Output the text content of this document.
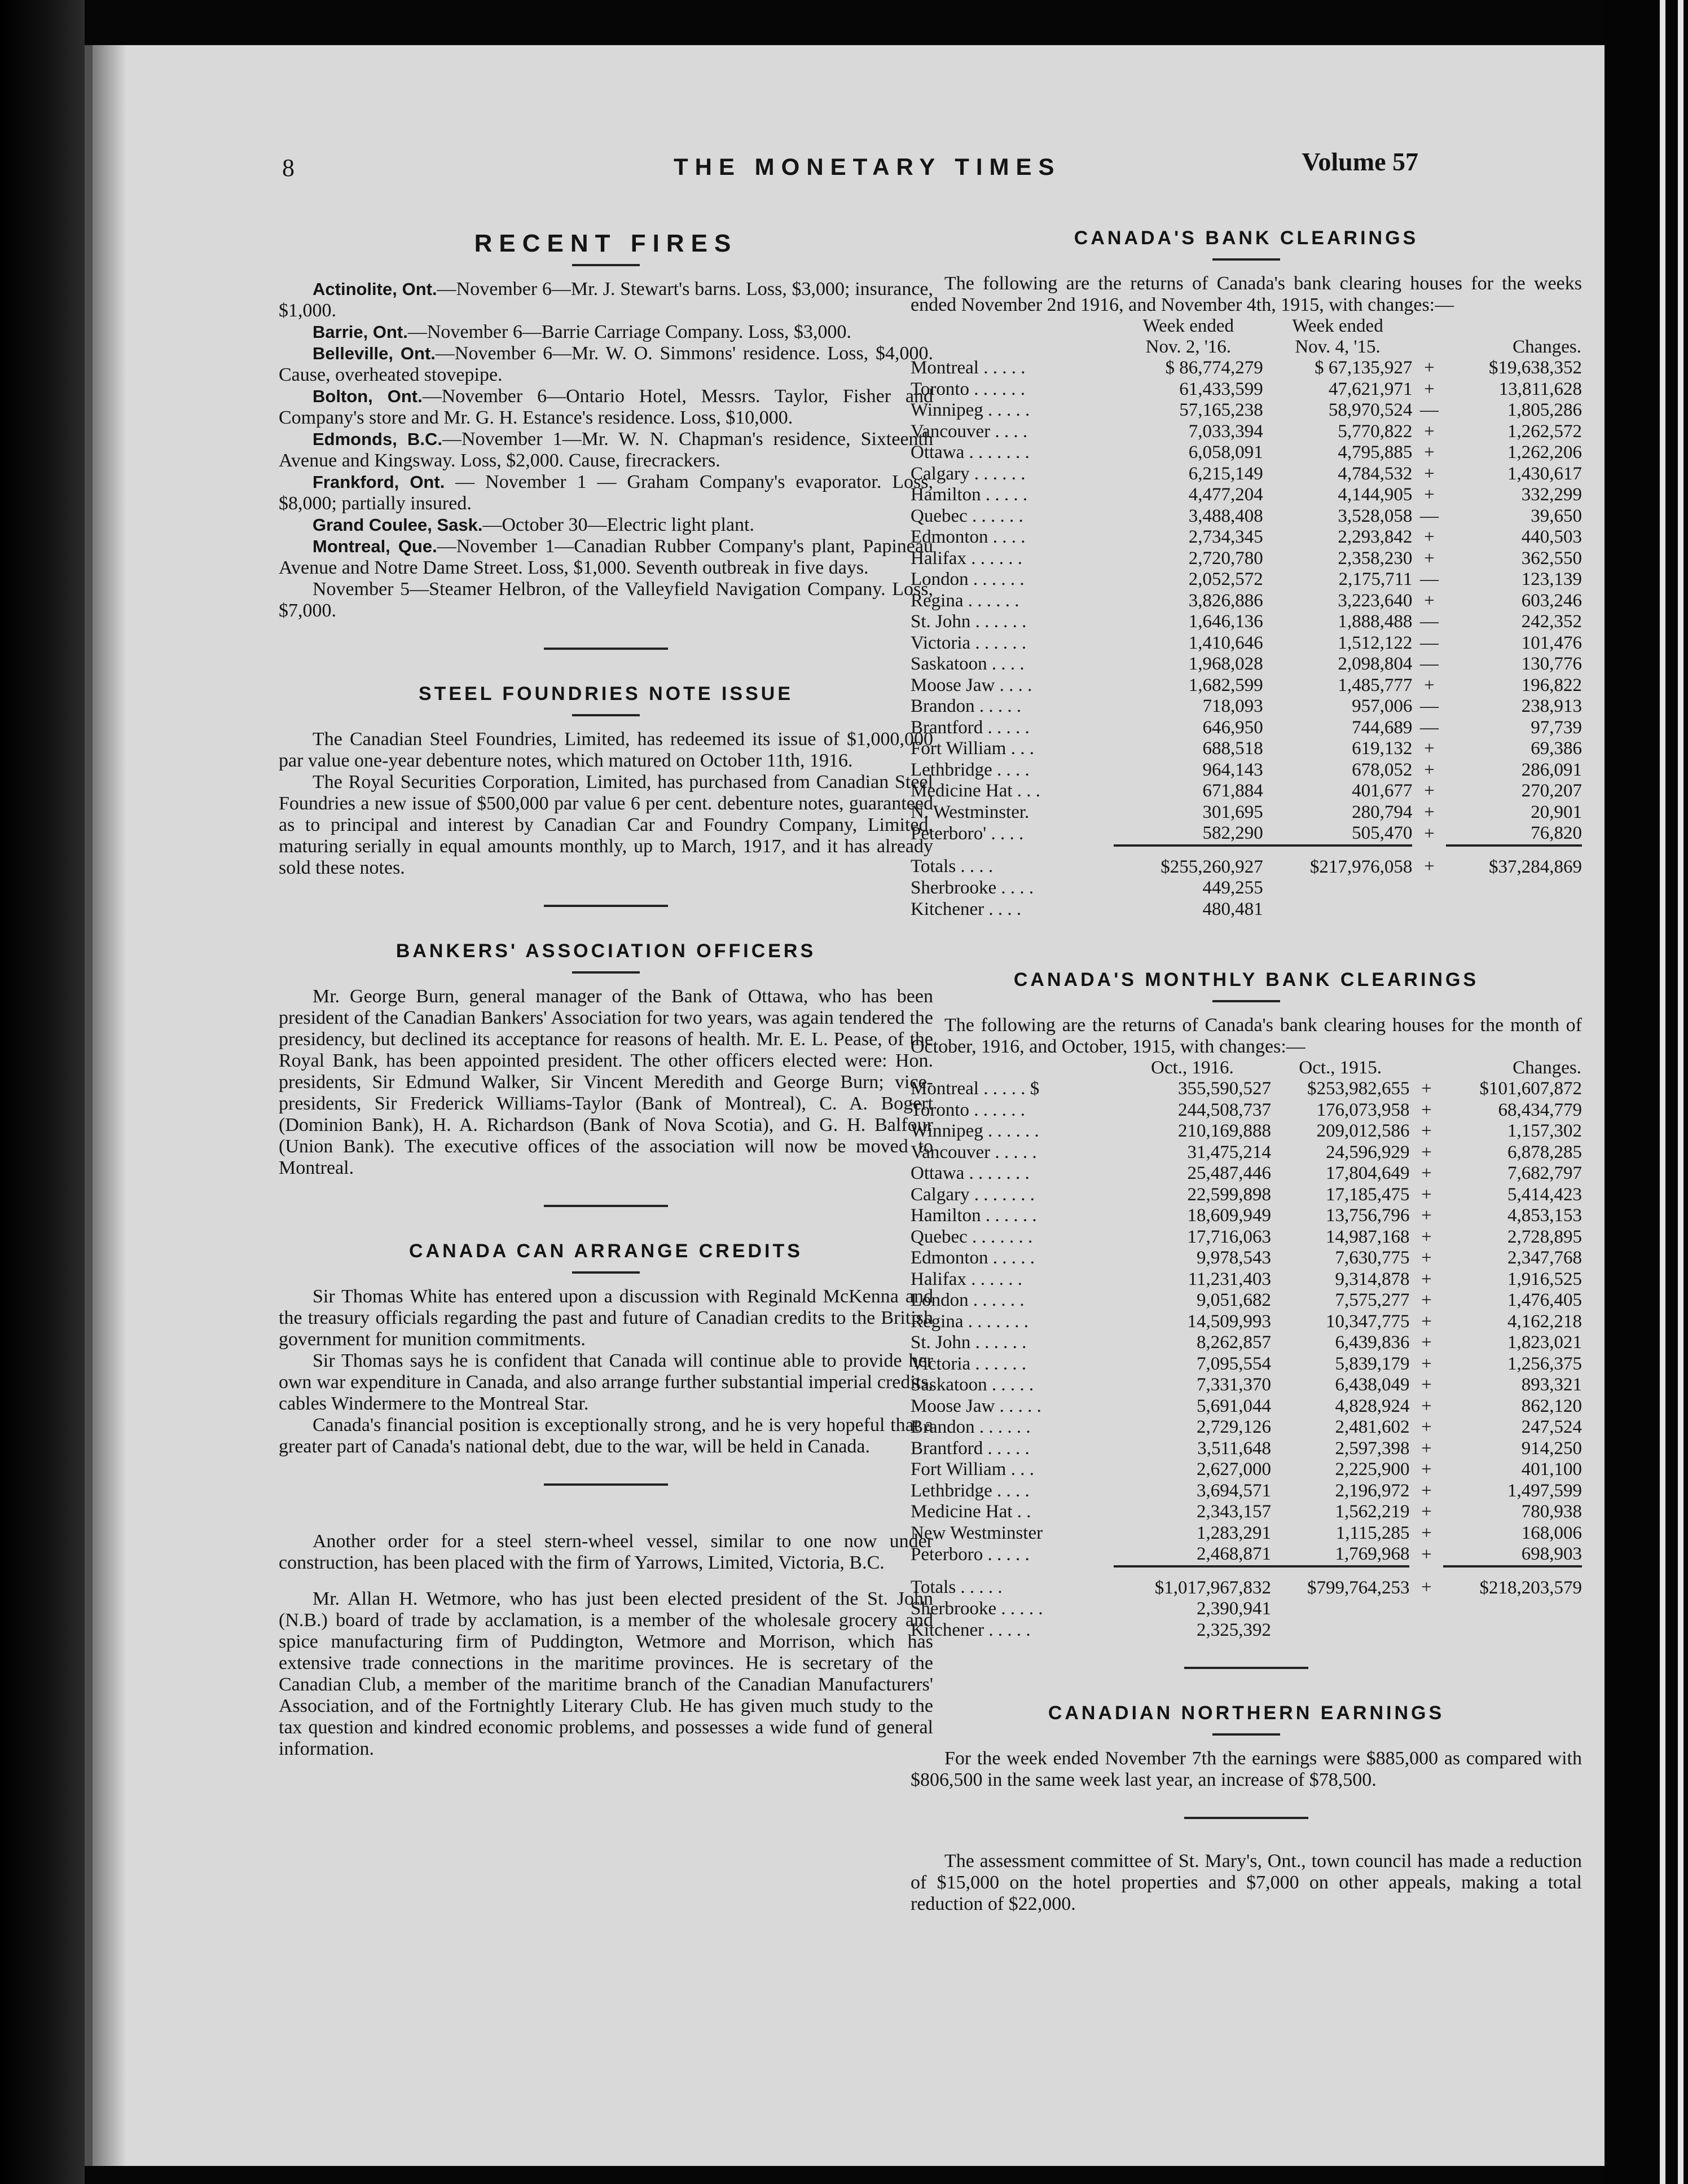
8	THE MONETARY TIMES	Volume 57
RECENT FIRES

Actinolite, Ont.—November 6—Mr. J. Stewart's barns. Loss, $3,000; insurance, $1,000.

Barrie, Ont.—November 6—Barrie Carriage Company. Loss, $3,000.

Belleville, Ont.—November 6—Mr. W. O. Simmons' residence. Loss, $4,000. Cause, overheated stovepipe.

Bolton, Ont.—November 6—Ontario Hotel, Messrs. Taylor, Fisher and Company's store and Mr. G. H. Estance's residence. Loss, $10,000.

Edmonds, B.C.—November 1—Mr. W. N. Chapman's residence, Sixteenth Avenue and Kingsway. Loss, $2,000. Cause, firecrackers.

Frankford, Ont. — November 1 — Graham Company's evaporator. Loss, $8,000; partially insured.

Grand Coulee, Sask.—October 30—Electric light plant.

Montreal, Que.—November 1—Canadian Rubber Company's plant, Papineau Avenue and Notre Dame Street. Loss, $1,000. Seventh outbreak in five days.

November 5—Steamer Helbron, of the Valleyfield Navigation Company. Loss, $7,000.

STEEL FOUNDRIES NOTE ISSUE

The Canadian Steel Foundries, Limited, has redeemed its issue of $1,000,000 par value one-year debenture notes, which matured on October 11th, 1916.

The Royal Securities Corporation, Limited, has purchased from Canadian Steel Foundries a new issue of $500,000 par value 6 per cent. debenture notes, guaranteed as to principal and interest by Canadian Car and Foundry Company, Limited, maturing serially in equal amounts monthly, up to March, 1917, and it has already sold these notes.

BANKERS' ASSOCIATION OFFICERS

Mr. George Burn, general manager of the Bank of Ottawa, who has been president of the Canadian Bankers' Association for two years, was again tendered the presidency, but declined its acceptance for reasons of health. Mr. E. L. Pease, of the Royal Bank, has been appointed president. The other officers elected were: Hon. presidents, Sir Edmund Walker, Sir Vincent Meredith and George Burn; vice-presidents, Sir Frederick Williams-Taylor (Bank of Montreal), C. A. Bogert (Dominion Bank), H. A. Richardson (Bank of Nova Scotia), and G. H. Balfour (Union Bank). The executive offices of the association will now be moved to Montreal.

CANADA CAN ARRANGE CREDITS

Sir Thomas White has entered upon a discussion with Reginald McKenna and the treasury officials regarding the past and future of Canadian credits to the British government for munition commitments.

Sir Thomas says he is confident that Canada will continue able to provide her own war expenditure in Canada, and also arrange further substantial imperial credits, cables Windermere to the Montreal Star.

Canada's financial position is exceptionally strong, and he is very hopeful that a greater part of Canada's national debt, due to the war, will be held in Canada.

Another order for a steel stern-wheel vessel, similar to one now under construction, has been placed with the firm of Yarrows, Limited, Victoria, B.C.

Mr. Allan H. Wetmore, who has just been elected president of the St. John (N.B.) board of trade by acclamation, is a member of the wholesale grocery and spice manufacturing firm of Puddington, Wetmore and Morrison, which has extensive trade connections in the maritime provinces. He is secretary of the Canadian Club, a member of the maritime branch of the Canadian Manufacturers' Association, and of the Fortnightly Literary Club. He has given much study to the tax question and kindred economic problems, and possesses a wide fund of general information.

CANADA'S BANK CLEARINGS

The following are the returns of Canada's bank clearing houses for the weeks ended November 2nd 1916, and November 4th, 1915, with changes:—

	Week ended	Week ended		
	Nov. 2, '16.	Nov. 4, '15.		Changes.
Montreal . . . . .	$ 86,774,279	$ 67,135,927	+	$19,638,352
Toronto . . . . . .	61,433,599	47,621,971	+	13,811,628
Winnipeg . . . . .	57,165,238	58,970,524	—	1,805,286
Vancouver . . . .	7,033,394	5,770,822	+	1,262,572
Ottawa . . . . . . .	6,058,091	4,795,885	+	1,262,206
Calgary . . . . . .	6,215,149	4,784,532	+	1,430,617
Hamilton . . . . .	4,477,204	4,144,905	+	332,299
Quebec . . . . . .	3,488,408	3,528,058	—	39,650
Edmonton . . . .	2,734,345	2,293,842	+	440,503
Halifax . . . . . .	2,720,780	2,358,230	+	362,550
London . . . . . .	2,052,572	2,175,711	—	123,139
Regina . . . . . .	3,826,886	3,223,640	+	603,246
St. John . . . . . .	1,646,136	1,888,488	—	242,352
Victoria . . . . . .	1,410,646	1,512,122	—	101,476
Saskatoon . . . .	1,968,028	2,098,804	—	130,776
Moose Jaw . . . .	1,682,599	1,485,777	+	196,822
Brandon . . . . .	718,093	957,006	—	238,913
Brantford . . . . .	646,950	744,689	—	97,739
Fort William . . .	688,518	619,132	+	69,386
Lethbridge . . . .	964,143	678,052	+	286,091
Medicine Hat . . .	671,884	401,677	+	270,207
N. Westminster.	301,695	280,794	+	20,901
Peterboro' . . . .	582,290	505,470	+	76,820
Totals . . . .	$255,260,927	$217,976,058	+	$37,284,869
Sherbrooke . . . .	449,255			
Kitchener . . . .	480,481			
CANADA'S MONTHLY BANK CLEARINGS

The following are the returns of Canada's bank clearing houses for the month of October, 1916, and October, 1915, with changes:—

	Oct., 1916.	Oct., 1915.		Changes.
Montreal . . . . . $	355,590,527	$253,982,655	+	$101,607,872
Toronto . . . . . .	244,508,737	176,073,958	+	68,434,779
Winnipeg . . . . . .	210,169,888	209,012,586	+	1,157,302
Vancouver . . . . .	31,475,214	24,596,929	+	6,878,285
Ottawa . . . . . . .	25,487,446	17,804,649	+	7,682,797
Calgary . . . . . . .	22,599,898	17,185,475	+	5,414,423
Hamilton . . . . . .	18,609,949	13,756,796	+	4,853,153
Quebec . . . . . . .	17,716,063	14,987,168	+	2,728,895
Edmonton . . . . .	9,978,543	7,630,775	+	2,347,768
Halifax . . . . . .	11,231,403	9,314,878	+	1,916,525
London . . . . . .	9,051,682	7,575,277	+	1,476,405
Regina . . . . . . .	14,509,993	10,347,775	+	4,162,218
St. John . . . . . .	8,262,857	6,439,836	+	1,823,021
Victoria . . . . . .	7,095,554	5,839,179	+	1,256,375
Saskatoon . . . . .	7,331,370	6,438,049	+	893,321
Moose Jaw . . . . .	5,691,044	4,828,924	+	862,120
Brandon . . . . . .	2,729,126	2,481,602	+	247,524
Brantford . . . . .	3,511,648	2,597,398	+	914,250
Fort William . . .	2,627,000	2,225,900	+	401,100
Lethbridge . . . .	3,694,571	2,196,972	+	1,497,599
Medicine Hat . .	2,343,157	1,562,219	+	780,938
New Westminster	1,283,291	1,115,285	+	168,006
Peterboro . . . . .	2,468,871	1,769,968	+	698,903
Totals . . . . .	$1,017,967,832	$799,764,253	+	$218,203,579
Sherbrooke . . . . .	2,390,941			
Kitchener . . . . .	2,325,392			
CANADIAN NORTHERN EARNINGS

For the week ended November 7th the earnings were $885,000 as compared with $806,500 in the same week last year, an increase of $78,500.

The assessment committee of St. Mary's, Ont., town council has made a reduction of $15,000 on the hotel properties and $7,000 on other appeals, making a total reduction of $22,000.
